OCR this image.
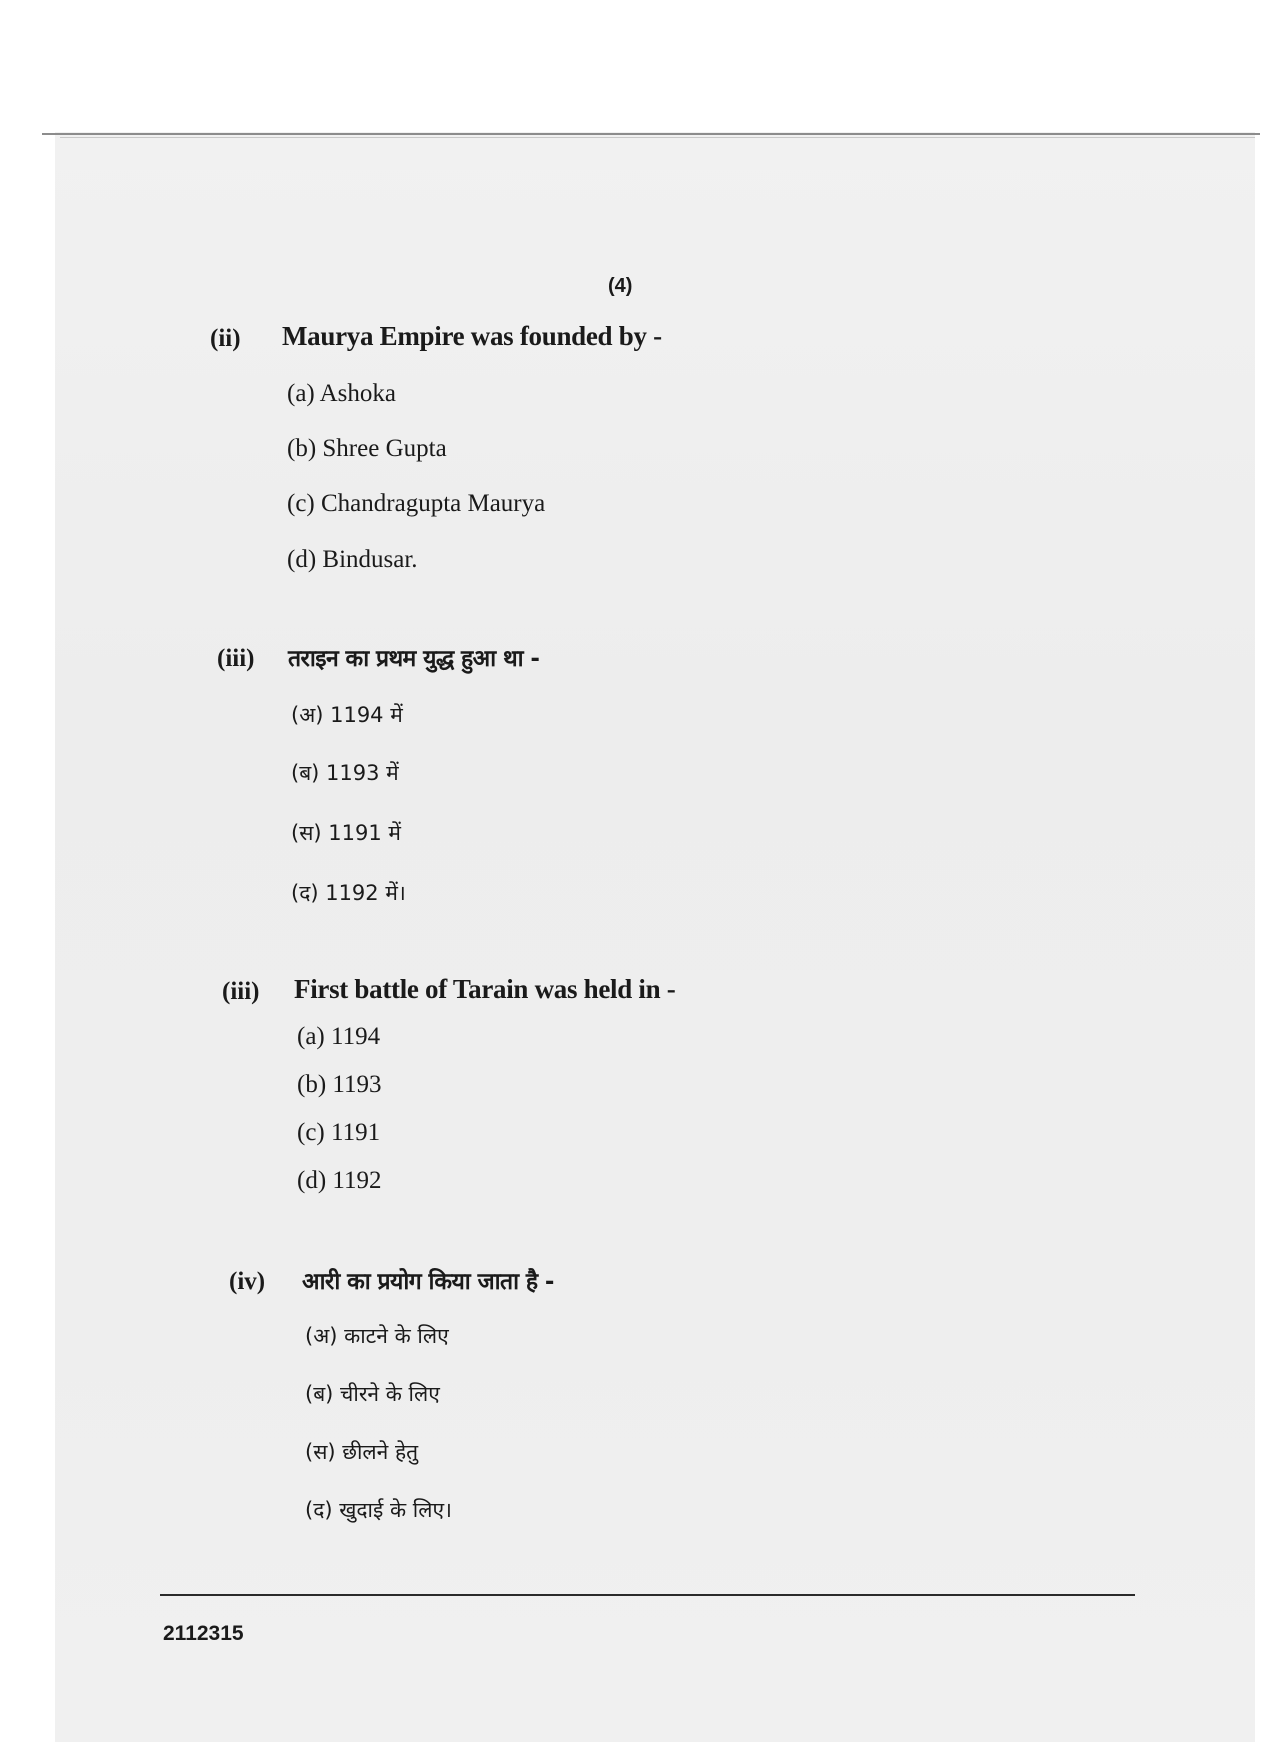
(4)
(ii) Maurya Empire was founded by -
(a) Ashoka
(b) Shree Gupta
(c) Chandragupta Maurya
(d) Bindusar.
(iii) तराइन का प्रथम युद्ध हुआ था -
(अ) 1194 में
(ब) 1193 में
(स) 1191 में
(द) 1192 में।
(iii) First battle of Tarain was held in -
(a) 1194
(b) 1193
(c) 1191
(d) 1192
(iv) आरी का प्रयोग किया जाता है -
(अ) काटने के लिए
(ब) चीरने के लिए
(स) छीलने हेतु
(द) खुदाई के लिए।
2112315
